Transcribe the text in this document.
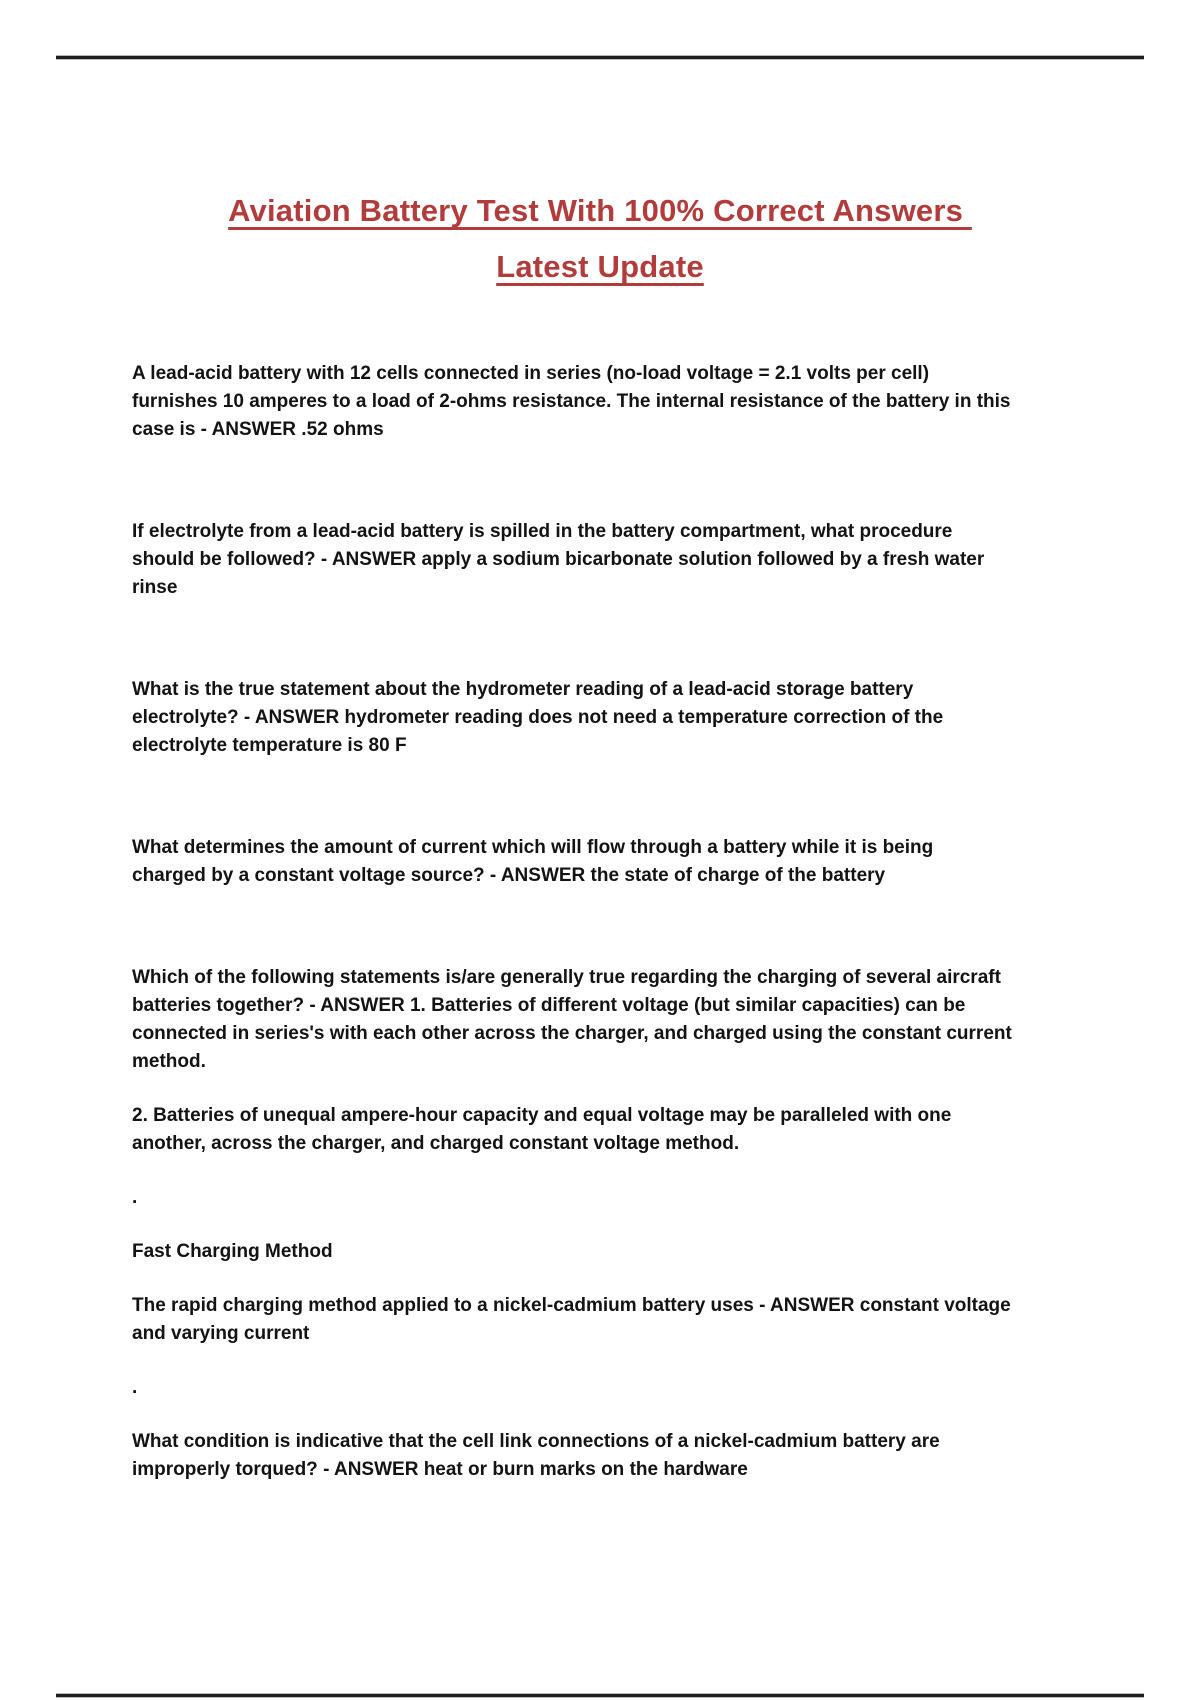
Aviation Battery Test With 100% Correct Answers
Latest Update

A lead-acid battery with 12 cells connected in series (no-load voltage = 2.1 volts per cell) furnishes 10 amperes to a load of 2-ohms resistance. The internal resistance of the battery in this case is - ANSWER .52 ohms

If electrolyte from a lead-acid battery is spilled in the battery compartment, what procedure should be followed? - ANSWER apply a sodium bicarbonate solution followed by a fresh water rinse

What is the true statement about the hydrometer reading of a lead-acid storage battery electrolyte? - ANSWER hydrometer reading does not need a temperature correction of the electrolyte temperature is 80 F

What determines the amount of current which will flow through a battery while it is being charged by a constant voltage source? - ANSWER the state of charge of the battery

Which of the following statements is/are generally true regarding the charging of several aircraft batteries together? - ANSWER 1. Batteries of different voltage (but similar capacities) can be connected in series's with each other across the charger, and charged using the constant current method.

2. Batteries of unequal ampere-hour capacity and equal voltage may be paralleled with one another, across the charger, and charged constant voltage method.

.

Fast Charging Method

The rapid charging method applied to a nickel-cadmium battery uses - ANSWER constant voltage and varying current

.

What condition is indicative that the cell link connections of a nickel-cadmium battery are improperly torqued? - ANSWER heat or burn marks on the hardware
